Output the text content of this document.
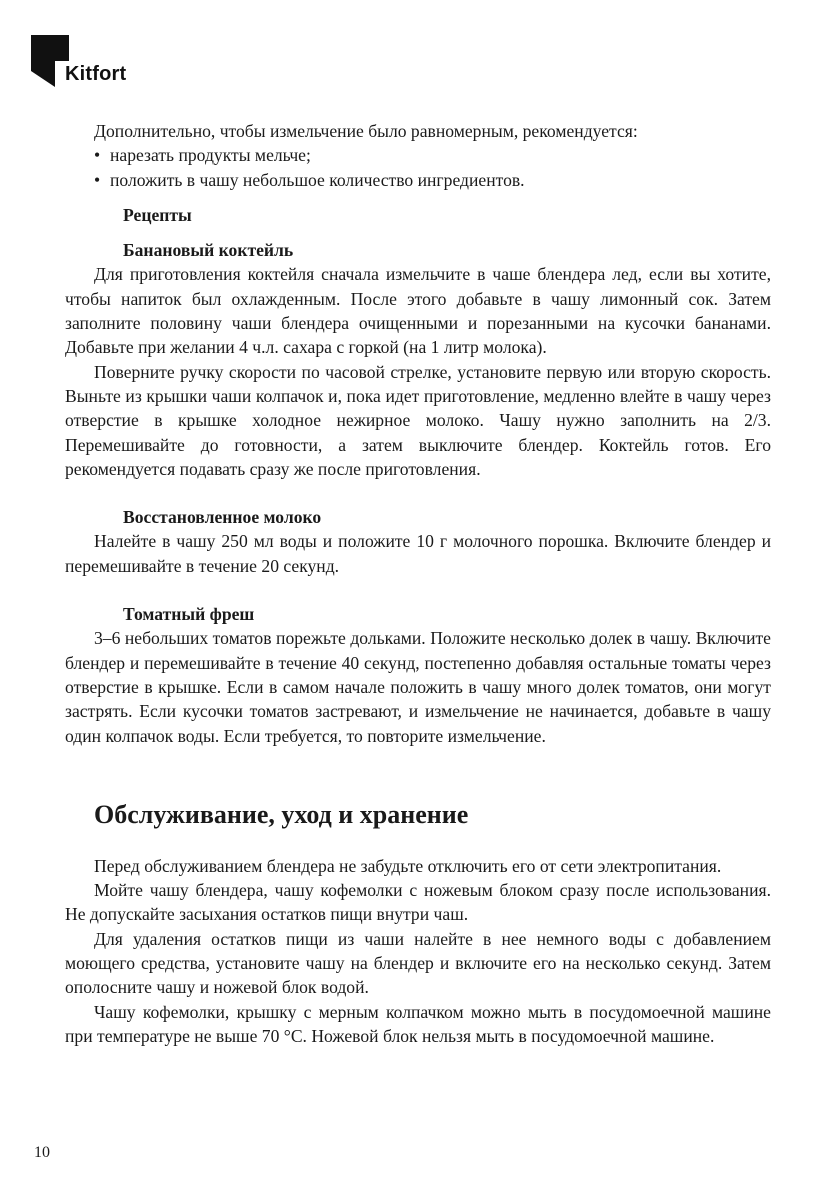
Kitfort

Дополнительно, чтобы измельчение было равномерным, рекомендуется:

• нарезать продукты мельче;
• положить в чашу небольшое количество ингредиентов.

Рецепты

Банановый коктейль

Для приготовления коктейля сначала измельчите в чаше блендера лед, если вы хотите, чтобы напиток был охлажденным. После этого добавьте в чашу лимонный сок. Затем заполните половину чаши блендера очищенными и порезанными на кусочки бананами. Добавьте при желании 4 ч.л. сахара с горкой (на 1 литр молока).

Поверните ручку скорости по часовой стрелке, установите первую или вторую скорость. Выньте из крышки чаши колпачок и, пока идет приготовление, медленно влейте в чашу через отверстие в крышке холодное нежирное молоко. Чашу нужно заполнить на 2/3. Перемешивайте до готовности, а затем выключите блендер. Коктейль готов. Его рекомендуется подавать сразу же после приготовления.

Восстановленное молоко

Налейте в чашу 250 мл воды и положите 10 г молочного порошка. Включите блендер и перемешивайте в течение 20 секунд.

Томатный фреш

3–6 небольших томатов порежьте дольками. Положите несколько долек в чашу. Включите блендер и перемешивайте в течение 40 секунд, постепенно добавляя остальные томаты через отверстие в крышке. Если в самом начале положить в чашу много долек томатов, они могут застрять. Если кусочки томатов застревают, и измельчение не начинается, добавьте в чашу один колпачок воды. Если требуется, то повторите измельчение.

Обслуживание, уход и хранение

Перед обслуживанием блендера не забудьте отключить его от сети электропитания.

Мойте чашу блендера, чашу кофемолки с ножевым блоком сразу после использования. Не допускайте засыхания остатков пищи внутри чаш.

Для удаления остатков пищи из чаши налейте в нее немного воды с добавлением моющего средства, установите чашу на блендер и включите его на несколько секунд. Затем ополосните чашу и ножевой блок водой.

Чашу кофемолки, крышку с мерным колпачком можно мыть в посудомоечной машине при температуре не выше 70 °С. Ножевой блок нельзя мыть в посудомоечной машине.

10
